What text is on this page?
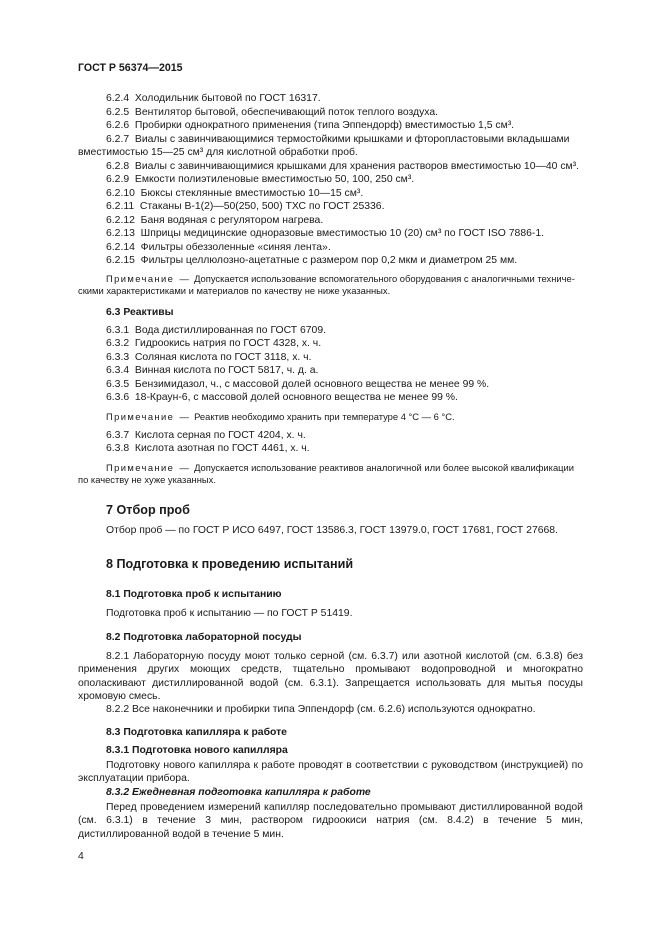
ГОСТ Р 56374—2015
6.2.4 Холодильник бытовой по ГОСТ 16317.
6.2.5 Вентилятор бытовой, обеспечивающий поток теплого воздуха.
6.2.6 Пробирки однократного применения (типа Эппендорф) вместимостью 1,5 см³.
6.2.7 Виалы с завинчивающимися термостойкими крышками и фторопластовыми вкладышами
вместимостью 15—25 см³ для кислотной обработки проб.
6.2.8 Виалы с завинчивающимися крышками для хранения растворов вместимостью 10—40 см³.
6.2.9 Емкости полиэтиленовые вместимостью 50, 100, 250 см³.
6.2.10 Бюксы стеклянные вместимостью 10—15 см³.
6.2.11 Стаканы В-1(2)—50(250, 500) ТХС по ГОСТ 25336.
6.2.12 Баня водяная с регулятором нагрева.
6.2.13 Шприцы медицинские одноразовые вместимостью 10 (20) см³ по ГОСТ ISO 7886-1.
6.2.14 Фильтры обеззоленные «синяя лента».
6.2.15 Фильтры целлюлозно-ацетатные с размером пор 0,2 мкм и диаметром 25 мм.
Примечание — Допускается использование вспомогательного оборудования с аналогичными техниче-
скими характеристиками и материалов по качеству не ниже указанных.
6.3 Реактивы
6.3.1 Вода дистиллированная по ГОСТ 6709.
6.3.2 Гидроокись натрия по ГОСТ 4328, х. ч.
6.3.3 Соляная кислота по ГОСТ 3118, х. ч.
6.3.4 Винная кислота по ГОСТ 5817, ч. д. а.
6.3.5 Бензимидазол, ч., с массовой долей основного вещества не менее 99 %.
6.3.6 18-Краун-6, с массовой долей основного вещества не менее 99 %.
Примечание — Реактив необходимо хранить при температуре 4 °С — 6 °С.
6.3.7 Кислота серная по ГОСТ 4204, х. ч.
6.3.8 Кислота азотная по ГОСТ 4461, х. ч.
Примечание — Допускается использование реактивов аналогичной или более высокой квалификации
по качеству не хуже указанных.
7 Отбор проб
Отбор проб — по ГОСТ Р ИСО 6497, ГОСТ 13586.3, ГОСТ 13979.0, ГОСТ 17681, ГОСТ 27668.
8 Подготовка к проведению испытаний
8.1 Подготовка проб к испытанию
Подготовка проб к испытанию — по ГОСТ Р 51419.
8.2 Подготовка лабораторной посуды
8.2.1 Лабораторную посуду моют только серной (см. 6.3.7) или азотной кислотой (см. 6.3.8) без применения других моющих средств, тщательно промывают водопроводной и многократно ополаскивают дистиллированной водой (см. 6.3.1). Запрещается использовать для мытья посуды хромовую смесь.
8.2.2 Все наконечники и пробирки типа Эппендорф (см. 6.2.6) используются однократно.
8.3 Подготовка капилляра к работе
8.3.1 Подготовка нового капилляра
Подготовку нового капилляра к работе проводят в соответствии с руководством (инструкцией) по эксплуатации прибора.
8.3.2 Ежедневная подготовка капилляра к работе
Перед проведением измерений капилляр последовательно промывают дистиллированной водой (см. 6.3.1) в течение 3 мин, раствором гидроокиси натрия (см. 8.4.2) в течение 5 мин, дистиллированной водой в течение 5 мин.
4
